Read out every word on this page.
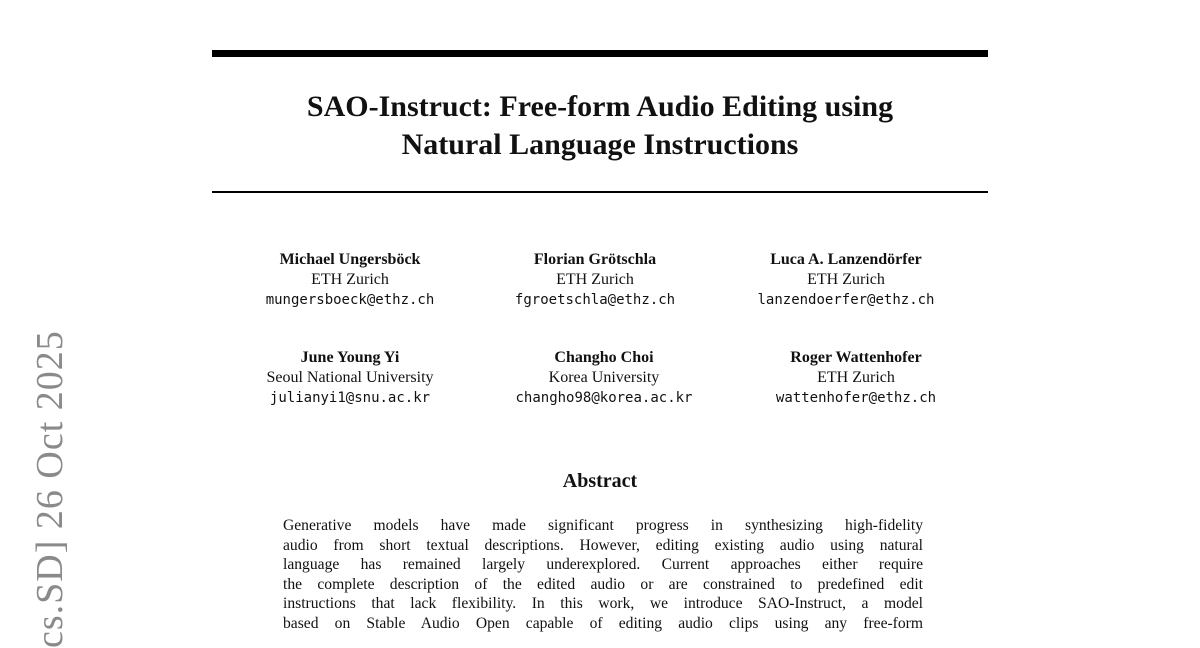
SAO-Instruct: Free-form Audio Editing using
Natural Language Instructions
Michael Ungersböck
ETH Zurich
mungersboeck@ethz.ch
Florian Grötschla
ETH Zurich
fgroetschla@ethz.ch
Luca A. Lanzendörfer
ETH Zurich
lanzendoerfer@ethz.ch
June Young Yi
Seoul National University
julianyi1@snu.ac.kr
Changho Choi
Korea University
changho98@korea.ac.kr
Roger Wattenhofer
ETH Zurich
wattenhofer@ethz.ch
Abstract
Generative models have made significant progress in synthesizing high-fidelity
audio from short textual descriptions. However, editing existing audio using natural
language has remained largely underexplored. Current approaches either require
the complete description of the edited audio or are constrained to predefined edit
instructions that lack flexibility. In this work, we introduce SAO-Instruct, a model
based on Stable Audio Open capable of editing audio clips using any free-form
cs.SD] 26 Oct 2025
